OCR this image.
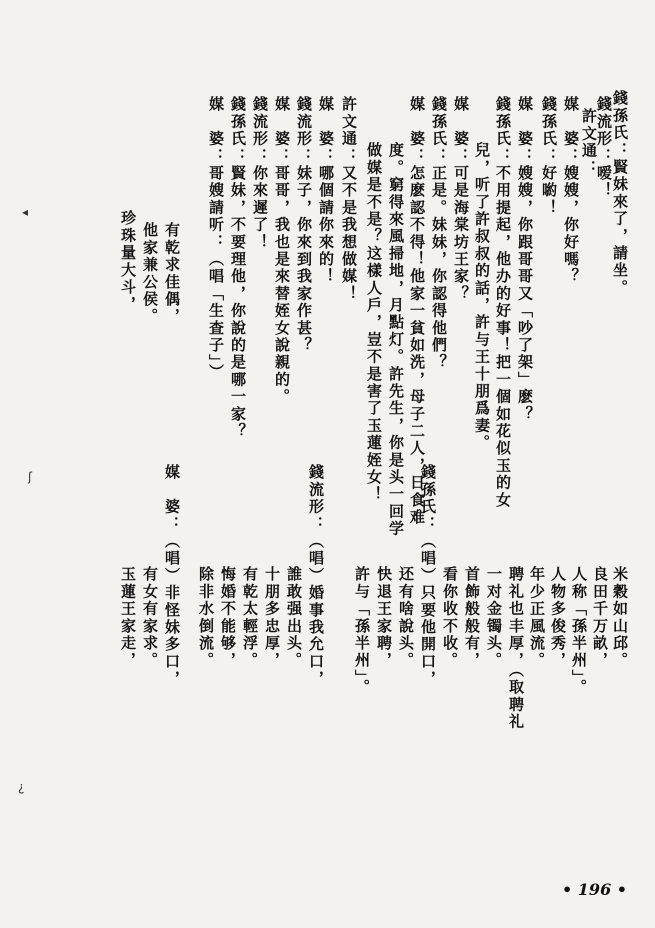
錢孫氏：賢妹來了，請坐。
錢流形：嗳！
許文通：
媒　婆：嫂嫂，你好嗎？
錢孫氏：好喲！
媒　婆：嫂嫂，你跟哥哥又「吵了架」麽？
錢孫氏：不用提起，他办的好事！把一個如花似玉的女
兒，听了許叔叔的話，許与王十朋爲妻。
媒　婆：可是海棠坊王家？
錢孫氏：正是。妹妹，你認得他們？
媒　婆：怎麽認不得！他家一貧如洗，母子二人，日食难
度。窮得來風掃地，月點灯。許先生，你是头一回学
做媒是不是？这樣人戶，豈不是害了玉蓮姪女！
許文通：又不是我想做媒！
媒　婆：哪個請你來的！
錢流形：妹子，你來到我家作甚？
媒　婆：哥哥，我也是來替姪女說親的。
錢流形：你來遲了！
錢孫氏：賢妹，不要理他，你說的是哪一家？
媒　婆：哥嫂請听：（唱「生查子」）
有乾求佳偶，
他家兼公侯。
珍珠量大斗，
米穀如山邱。
良田千万畝，
人称「孫半州」。
人物多俊秀，
年少正風流。
聘礼也丰厚，（取聘礼
一对金镯头。
首飾般般有，
看你收不收。
錢孫氏：（唱）只要他開口，
还有啥說头。
快退王家聘，
許与「孫半州」。
錢流形：（唱）婚事我允口，
誰敢强出头。
十朋多忠厚，
有乾太輕浮。
悔婚不能够，
除非水倒流。
媒　婆：（唱）非怪妹多口，
有女有家求。
玉蓮王家走，
◂
ʃ
¿
• 196 •
